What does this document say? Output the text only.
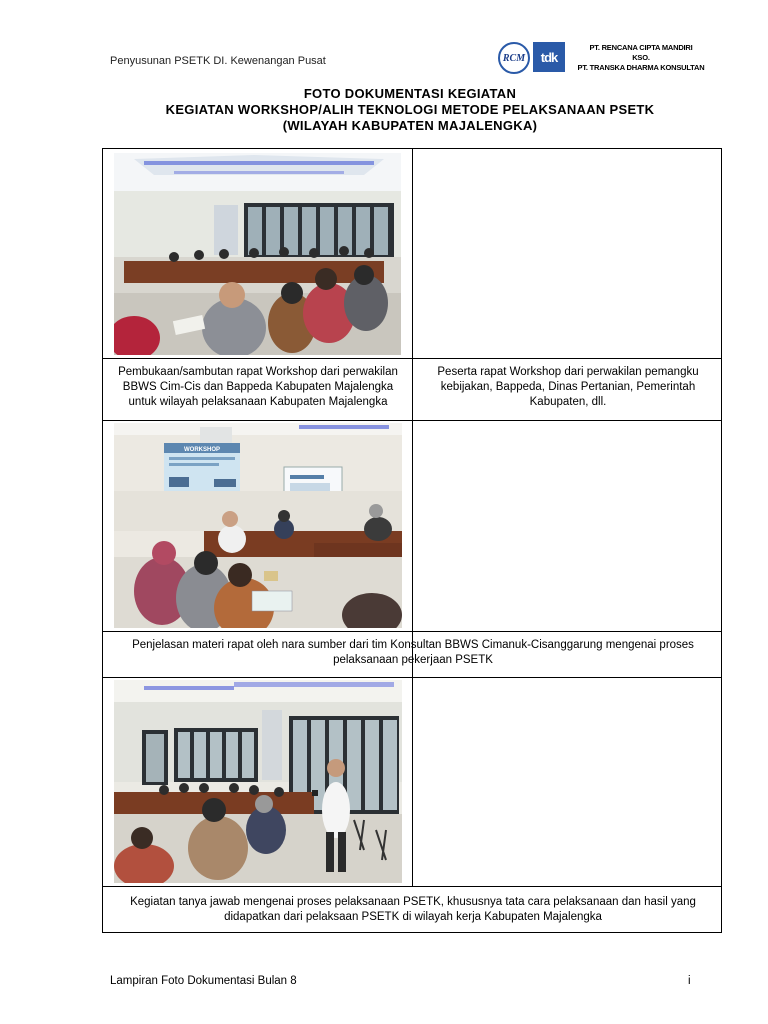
Penyusunan PSETK DI. Kewenangan Pusat	RCM tdk
PT. RENCANA CIPTA MANDIRI
KSO.
PT. TRANSKA DHARMA KONSULTAN
FOTO DOKUMENTASI KEGIATAN
KEGIATAN WORKSHOP/ALIH TEKNOLOGI METODE PELAKSANAAN PSETK
(WILAYAH KABUPATEN MAJALENGKA)
Pembukaan/sambutan rapat Workshop dari perwakilan BBWS Cim-Cis dan Bappeda Kabupaten Majalengka untuk wilayah pelaksanaan Kabupaten Majalengka
Peserta rapat Workshop dari perwakilan pemangku kebijakan, Bappeda, Dinas Pertanian, Pemerintah Kabupaten, dll.
WORKSHOP
Penjelasan materi rapat oleh nara sumber dari tim Konsultan BBWS Cimanuk-Cisanggarung mengenai proses pelaksanaan pekerjaan PSETK
Kegiatan tanya jawab mengenai proses pelaksanaan PSETK, khususnya tata cara pelaksanaan dan hasil yang didapatkan dari pelaksaan PSETK di wilayah kerja Kabupaten Majalengka
Lampiran Foto Dokumentasi Bulan 8	i
